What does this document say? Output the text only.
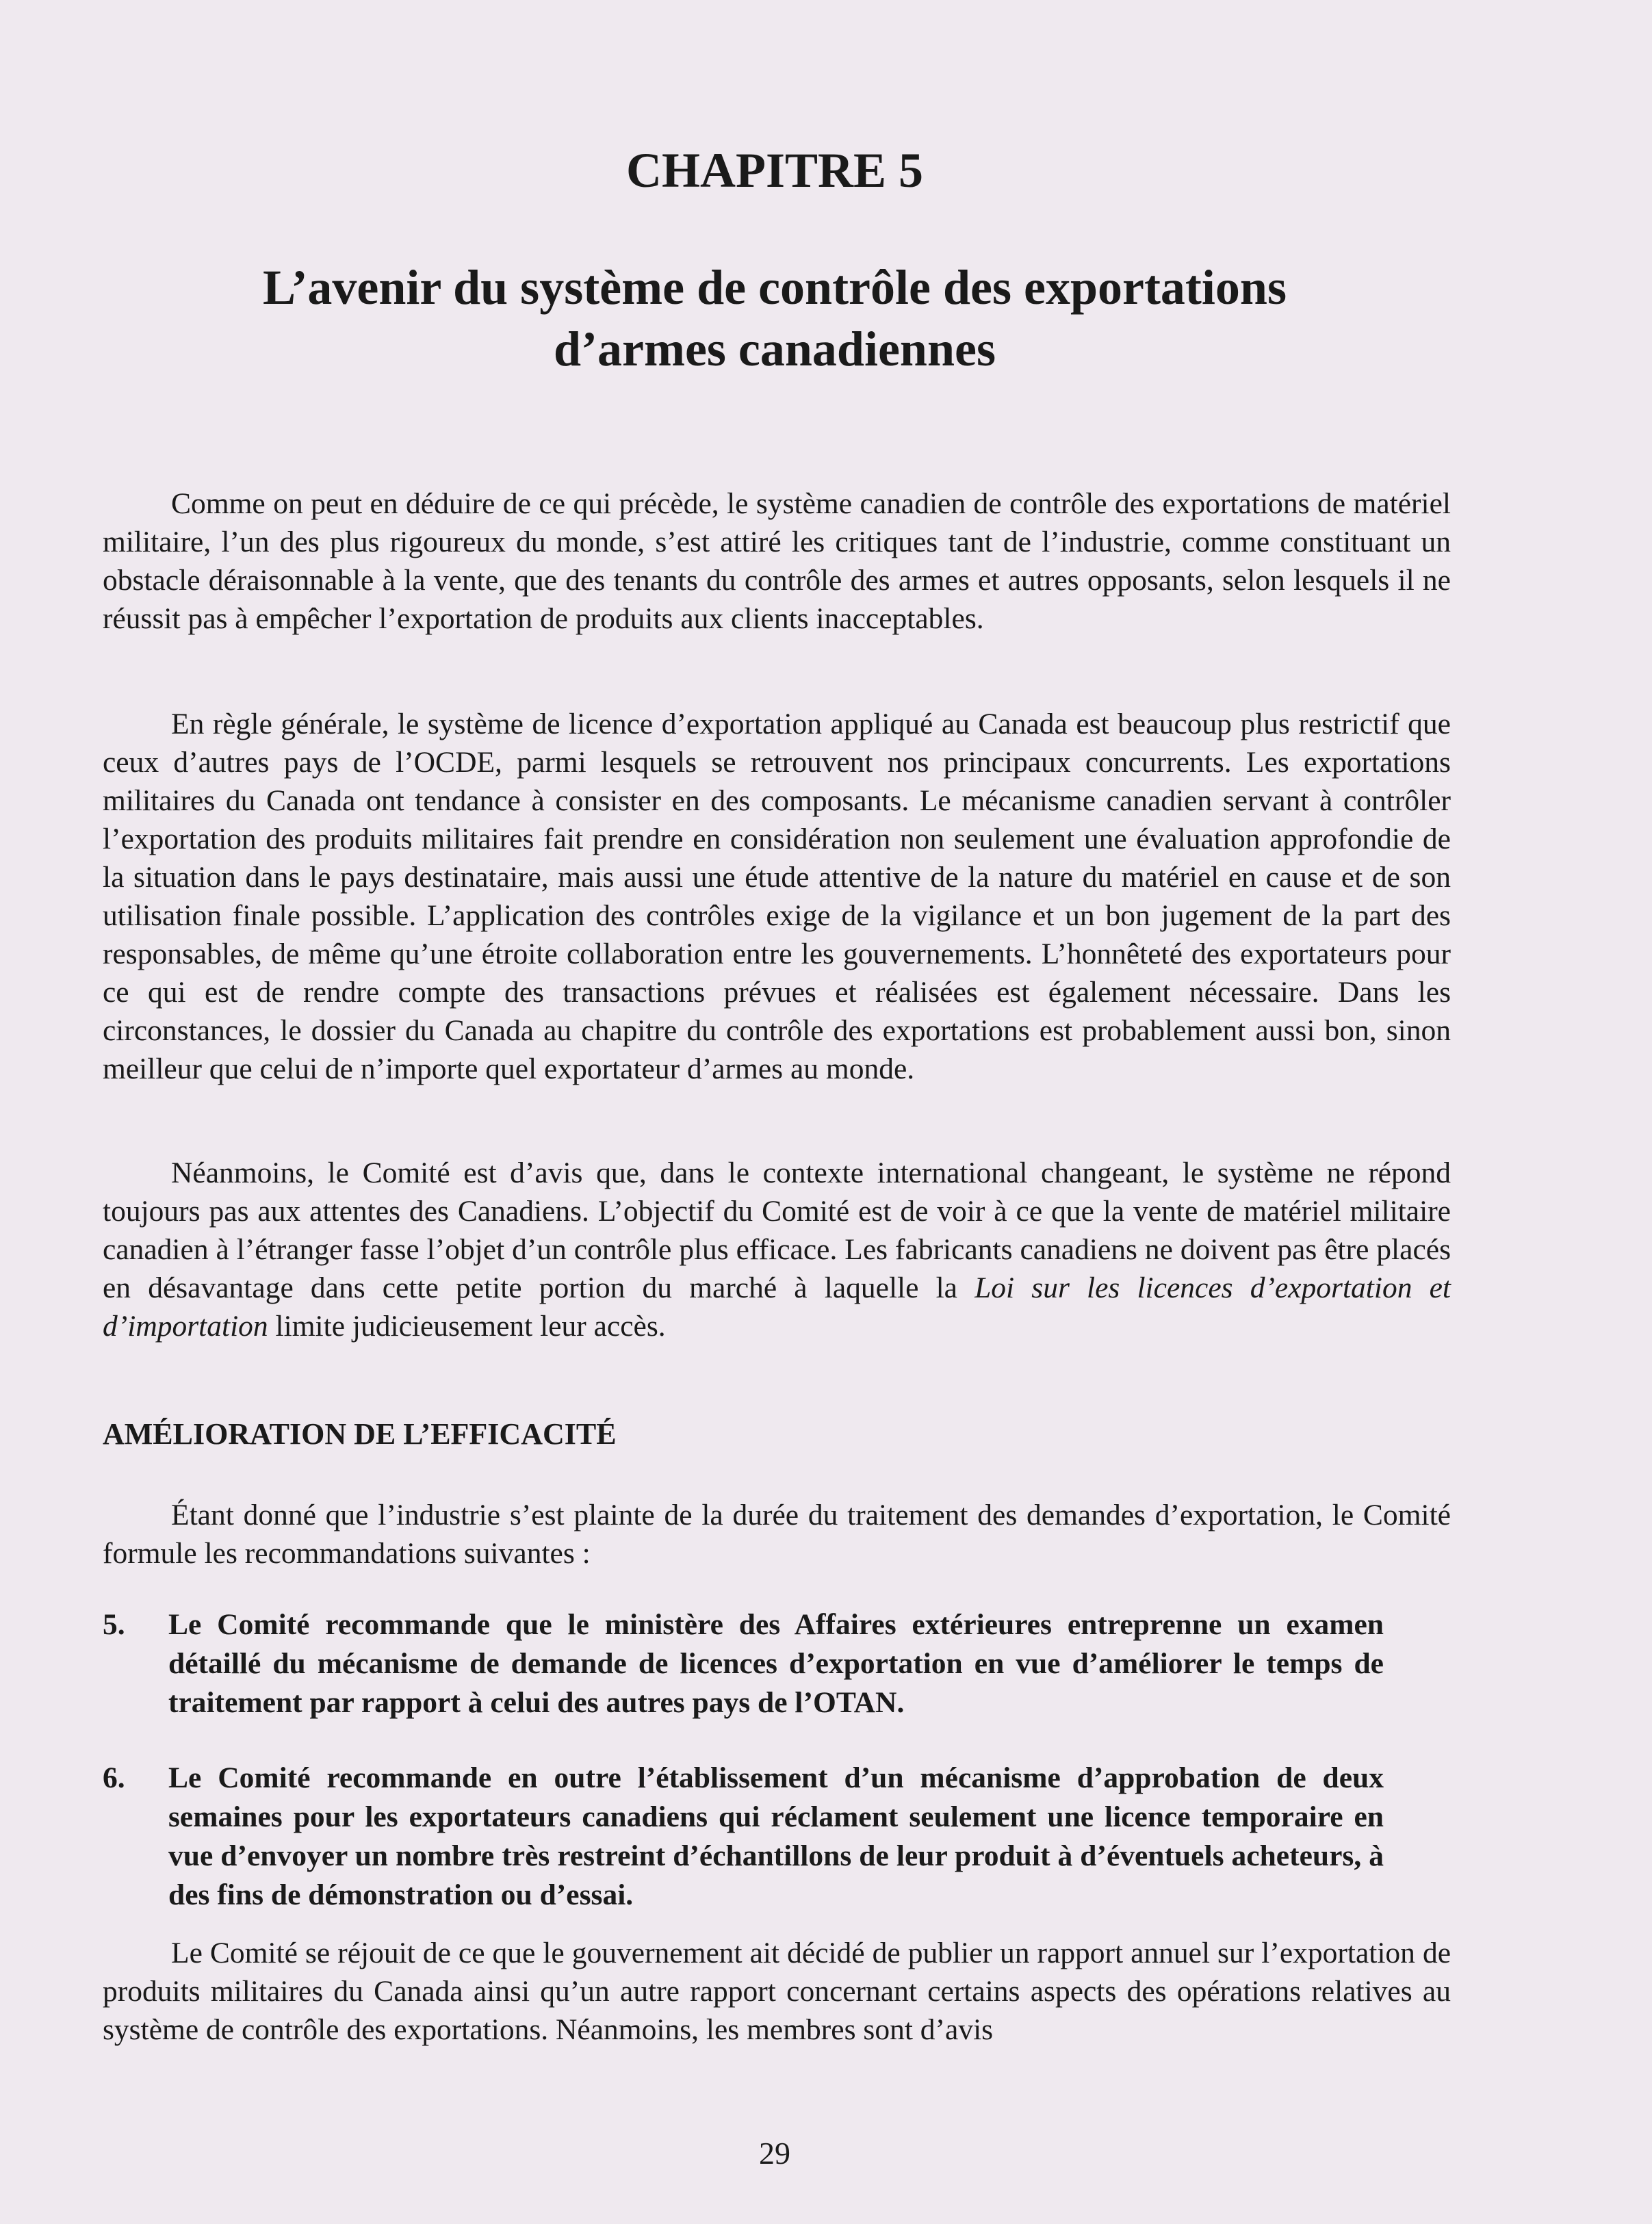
CHAPITRE 5
L’avenir du système de contrôle des exportations
d’armes canadiennes

Comme on peut en déduire de ce qui précède, le système canadien de contrôle des exportations de matériel militaire, l’un des plus rigoureux du monde, s’est attiré les critiques tant de l’industrie, comme constituant un obstacle déraisonnable à la vente, que des tenants du contrôle des armes et autres opposants, selon lesquels il ne réussit pas à empêcher l’exportation de produits aux clients inacceptables.

En règle générale, le système de licence d’exportation appliqué au Canada est beaucoup plus restrictif que ceux d’autres pays de l’OCDE, parmi lesquels se retrouvent nos principaux concurrents. Les exportations militaires du Canada ont tendance à consister en des composants. Le mécanisme canadien servant à contrôler l’exportation des produits militaires fait prendre en considération non seulement une évaluation approfondie de la situation dans le pays destinataire, mais aussi une étude attentive de la nature du matériel en cause et de son utilisation finale possible. L’application des contrôles exige de la vigilance et un bon jugement de la part des responsables, de même qu’une étroite collaboration entre les gouvernements. L’honnêteté des exportateurs pour ce qui est de rendre compte des transactions prévues et réalisées est également nécessaire. Dans les circonstances, le dossier du Canada au chapitre du contrôle des exportations est probablement aussi bon, sinon meilleur que celui de n’importe quel exportateur d’armes au monde.

Néanmoins, le Comité est d’avis que, dans le contexte international changeant, le système ne répond toujours pas aux attentes des Canadiens. L’objectif du Comité est de voir à ce que la vente de matériel militaire canadien à l’étranger fasse l’objet d’un contrôle plus efficace. Les fabricants canadiens ne doivent pas être placés en désavantage dans cette petite portion du marché à laquelle la Loi sur les licences d’exportation et d’importation limite judicieusement leur accès.

AMÉLIORATION DE L’EFFICACITÉ

Étant donné que l’industrie s’est plainte de la durée du traitement des demandes d’exportation, le Comité formule les recommandations suivantes :

5. Le Comité recommande que le ministère des Affaires extérieures entreprenne un examen détaillé du mécanisme de demande de licences d’exportation en vue d’améliorer le temps de traitement par rapport à celui des autres pays de l’OTAN.
6. Le Comité recommande en outre l’établissement d’un mécanisme d’approbation de deux semaines pour les exportateurs canadiens qui réclament seulement une licence temporaire en vue d’envoyer un nombre très restreint d’échantillons de leur produit à d’éventuels acheteurs, à des fins de démonstration ou d’essai.

Le Comité se réjouit de ce que le gouvernement ait décidé de publier un rapport annuel sur l’exportation de produits militaires du Canada ainsi qu’un autre rapport concernant certains aspects des opérations relatives au système de contrôle des exportations. Néanmoins, les membres sont d’avis

29
